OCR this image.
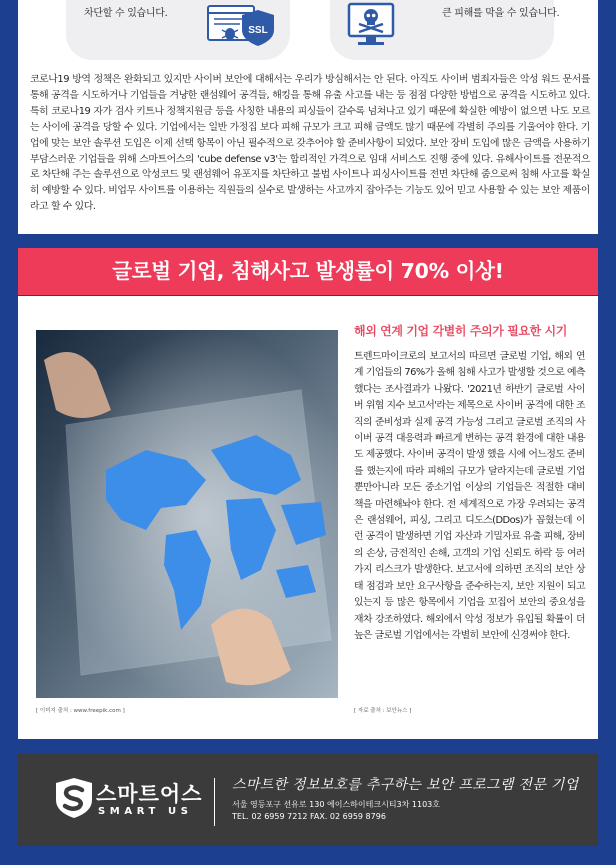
차단할 수 있습니다.	큰 피해를 막을 수 있습니다.
SSL
코로나19 방역 정책은 완화되고 있지만 사이버 보안에 대해서는 우리가 방심해서는 안 된다. 아직도 사이버 범죄자들은 악성 워드 문서를 통해 공격을 시도하거나 기업들을 겨냥한 랜섬웨어 공격들, 해킹을 통해 유출 사고를 내는 등 점점 다양한 방법으로 공격을 시도하고 있다. 특히 코로나19 자가 검사 키트나 정책지원금 등을 사칭한 내용의 피싱들이 갈수록 넘쳐나고 있기 때문에 확실한 예방이 없으면 나도 모르는 사이에 공격을 당할 수 있다. 기업에서는 일반 가정집 보다 피해 규모가 크고 피해 금액도 많기 때문에 각별히 주의를 기울여야 한다. 기업에 맞는 보안 솔루션 도입은 이제 선택 항목이 아닌 필수적으로 갖추어야 할 준비사항이 되었다. 보안 장비 도입에 많은 금액을 사용하기 부담스러운 기업들을 위해 스마트어스의 'cube defense v3'는 합리적인 가격으로 임대 서비스도 진행 중에 있다. 유해사이트를 전문적으로 차단해 주는 솔루션으로 악성코드 및 랜섬웨어 유포지를 차단하고 불법 사이트나 피싱사이트를 전면 차단해 줌으로써 침해 사고를 확실히 예방할 수 있다. 비업무 사이트를 이용하는 직원들의 실수로 발생하는 사고까지 잡아주는 기능도 있어 믿고 사용할 수 있는 보안 제품이라고 할 수 있다.
글로벌 기업, 침해사고 발생률이 70% 이상!
[ 이미지 출처 : www.freepik.com ]
해외 연계 기업 각별히 주의가 필요한 시기
트렌드마이크로의 보고서의 따르면 글로벌 기업, 해외 연계 기업들의 76%가 올해 침해 사고가 발생할 것으로 예측했다는 조사결과가 나왔다. '2021년 하반기 글로벌 사이버 위협 지수 보고서'라는 제목으로 사이버 공격에 대한 조직의 준비성과 실제 공격 가능성 그리고 글로벌 조직의 사이버 공격 대응력과 빠르게 변하는 공격 환경에 대한 내용도 제공했다. 사이버 공격이 발생 했을 시에 어느정도 준비를 했는지에 따라 피해의 규모가 달라지는데 글로벌 기업 뿐만아니라 모든 중소기업 이상의 기업들은 적절한 대비책을 마련해놔야 한다. 전 세계적으로 가장 우려되는 공격은 랜섬웨어, 피싱, 그리고 디도스(DDos)가 꼽혔는데 이런 공격이 발생하면 기업 자산과 기밀자료 유출 피해, 장비의 손상, 금전적인 손해, 고객의 기업 신뢰도 하락 등 여러가지 리스크가 발생한다. 보고서에 의하면 조직의 보안 상태 점검과 보안 요구사항을 준수하는지, 보안 지원이 되고있는지 등 많은 항목에서 기업을 꼬집어 보안의 중요성을 재차 강조하였다. 해외에서 악성 정보가 유입될 확률이 더 높은 글로벌 기업에서는 각별히 보안에 신경써야 한다.
[ 자료 출처 : 보안뉴스 ]
스마트어스
SMART US
스마트한 정보보호를 추구하는 보안 프로그램 전문 기업
서울 영등포구 선유로 130 에이스하이테크시티3차 1103호
TEL. 02 6959 7212 FAX. 02 6959 8796
